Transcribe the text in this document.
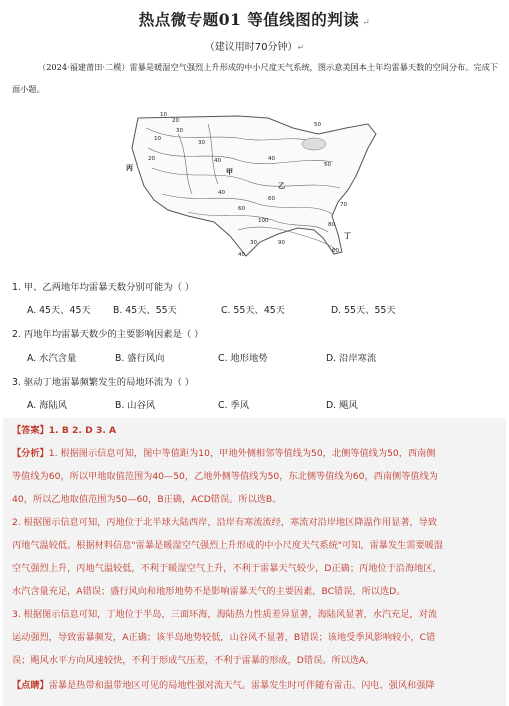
热点微专题01 等值线图的判读 ↵
（建议用时70分钟）↵
（2024·福建莆田·二模）雷暴是暖湿空气强烈上升形成的中小尺度天气系统，图示意美国本土年均雷暴天数的空间分布。完成下面小题。
10
20
30
40
50
50
60
70
80
90
100
30
40
40
60
60
20
10
40
30
甲
乙
丙
丁
1. 甲、乙两地年均雷暴天数分别可能为（ ）
A. 45天、45天	B. 45天、55天	C. 55天、45天	D. 55天、55天
2. 丙地年均雷暴天数少的主要影响因素是（ ）
A. 水汽含量	B. 盛行风向	C. 地形地势	D. 沿岸寒流
3. 驱动丁地雷暴频繁发生的局地环流为（ ）
A. 海陆风	B. 山谷风	C. 季风	D. 飓风
【答案】1. B 2. D 3. A
【分析】1. 根据图示信息可知，图中等值距为10，甲地外侧相邻等值线为50，北侧等值线为50，西南侧
等值线为60，所以甲地取值范围为40—50，乙地外侧等值线为50，东北侧等值线为60，西南侧等值线为
40，所以乙地取值范围为50—60，B正确，ACD错误。所以选B。
2. 根据图示信息可知，丙地位于北半球大陆西岸，沿岸有寒流流经，寒流对沿岸地区降温作用显著，导致
丙地气温较低。根据材料信息"雷暴是暖湿空气强烈上升形成的中小尺度天气系统"可知，雷暴发生需要暖湿
空气强烈上升，丙地气温较低，不利于暖湿空气上升，不利于雷暴天气较少，D正确；丙地位于沿海地区，
水汽含量充足，A错误；盛行风向和地形地势不是影响雷暴天气的主要因素，BC错误，所以选D。
3. 根据图示信息可知，丁地位于半岛，三面环海，海陆热力性质差异显著，海陆风显著，水汽充足，对流
运动强烈，导致雷暴频发，A正确；该半岛地势较低，山谷风不显著，B错误；该地受季风影响较小，C错
误；飓风水平方向风速较快，不利于形成气压差，不利于雷暴的形成，D错误。所以选A。
【点睛】雷暴是热带和温带地区可见的局地性强对流天气。雷暴发生时可伴随有雷击、闪电、强风和强降
